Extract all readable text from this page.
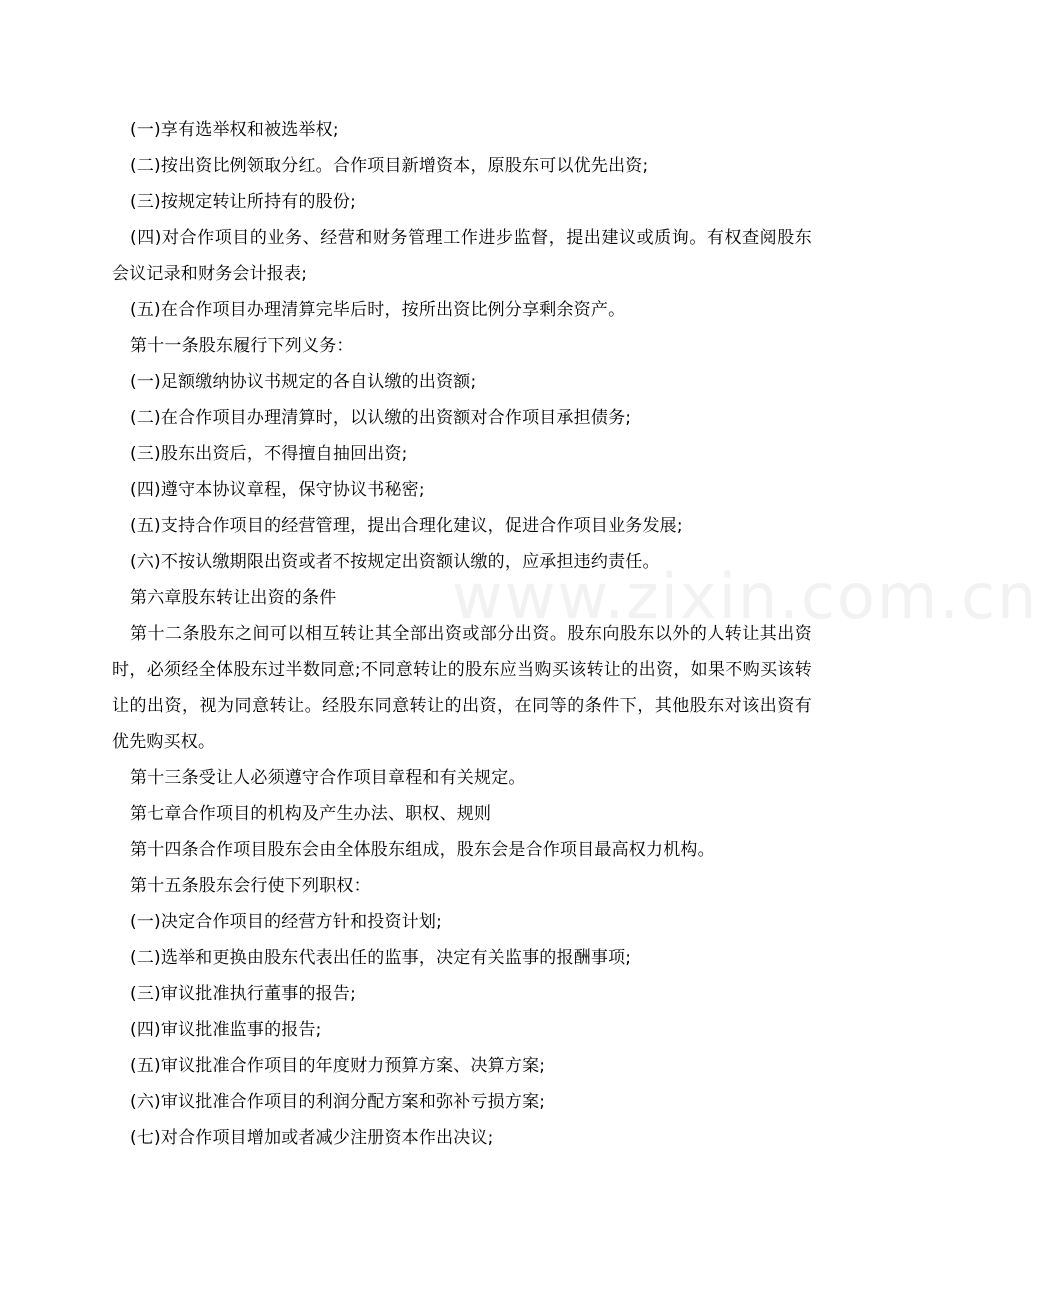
www.zixin.com.cn

(一)享有选举权和被选举权;

(二)按出资比例领取分红。合作项目新增资本，原股东可以优先出资;

(三)按规定转让所持有的股份;

(四)对合作项目的业务、经营和财务管理工作进步监督，提出建议或质询。有权查阅股东会议记录和财务会计报表;

(五)在合作项目办理清算完毕后时，按所出资比例分享剩余资产。

第十一条股东履行下列义务：

(一)足额缴纳协议书规定的各自认缴的出资额;

(二)在合作项目办理清算时，以认缴的出资额对合作项目承担债务;

(三)股东出资后，不得擅自抽回出资;

(四)遵守本协议章程，保守协议书秘密;

(五)支持合作项目的经营管理，提出合理化建议，促进合作项目业务发展;

(六)不按认缴期限出资或者不按规定出资额认缴的，应承担违约责任。

第六章股东转让出资的条件

第十二条股东之间可以相互转让其全部出资或部分出资。股东向股东以外的人转让其出资时，必须经全体股东过半数同意;不同意转让的股东应当购买该转让的出资，如果不购买该转让的出资，视为同意转让。经股东同意转让的出资，在同等的条件下，其他股东对该出资有优先购买权。

第十三条受让人必须遵守合作项目章程和有关规定。

第七章合作项目的机构及产生办法、职权、规则

第十四条合作项目股东会由全体股东组成，股东会是合作项目最高权力机构。

第十五条股东会行使下列职权：

(一)决定合作项目的经营方针和投资计划;

(二)选举和更换由股东代表出任的监事，决定有关监事的报酬事项;

(三)审议批准执行董事的报告;

(四)审议批准监事的报告;

(五)审议批准合作项目的年度财力预算方案、决算方案;

(六)审议批准合作项目的利润分配方案和弥补亏损方案;

(七)对合作项目增加或者减少注册资本作出决议;
